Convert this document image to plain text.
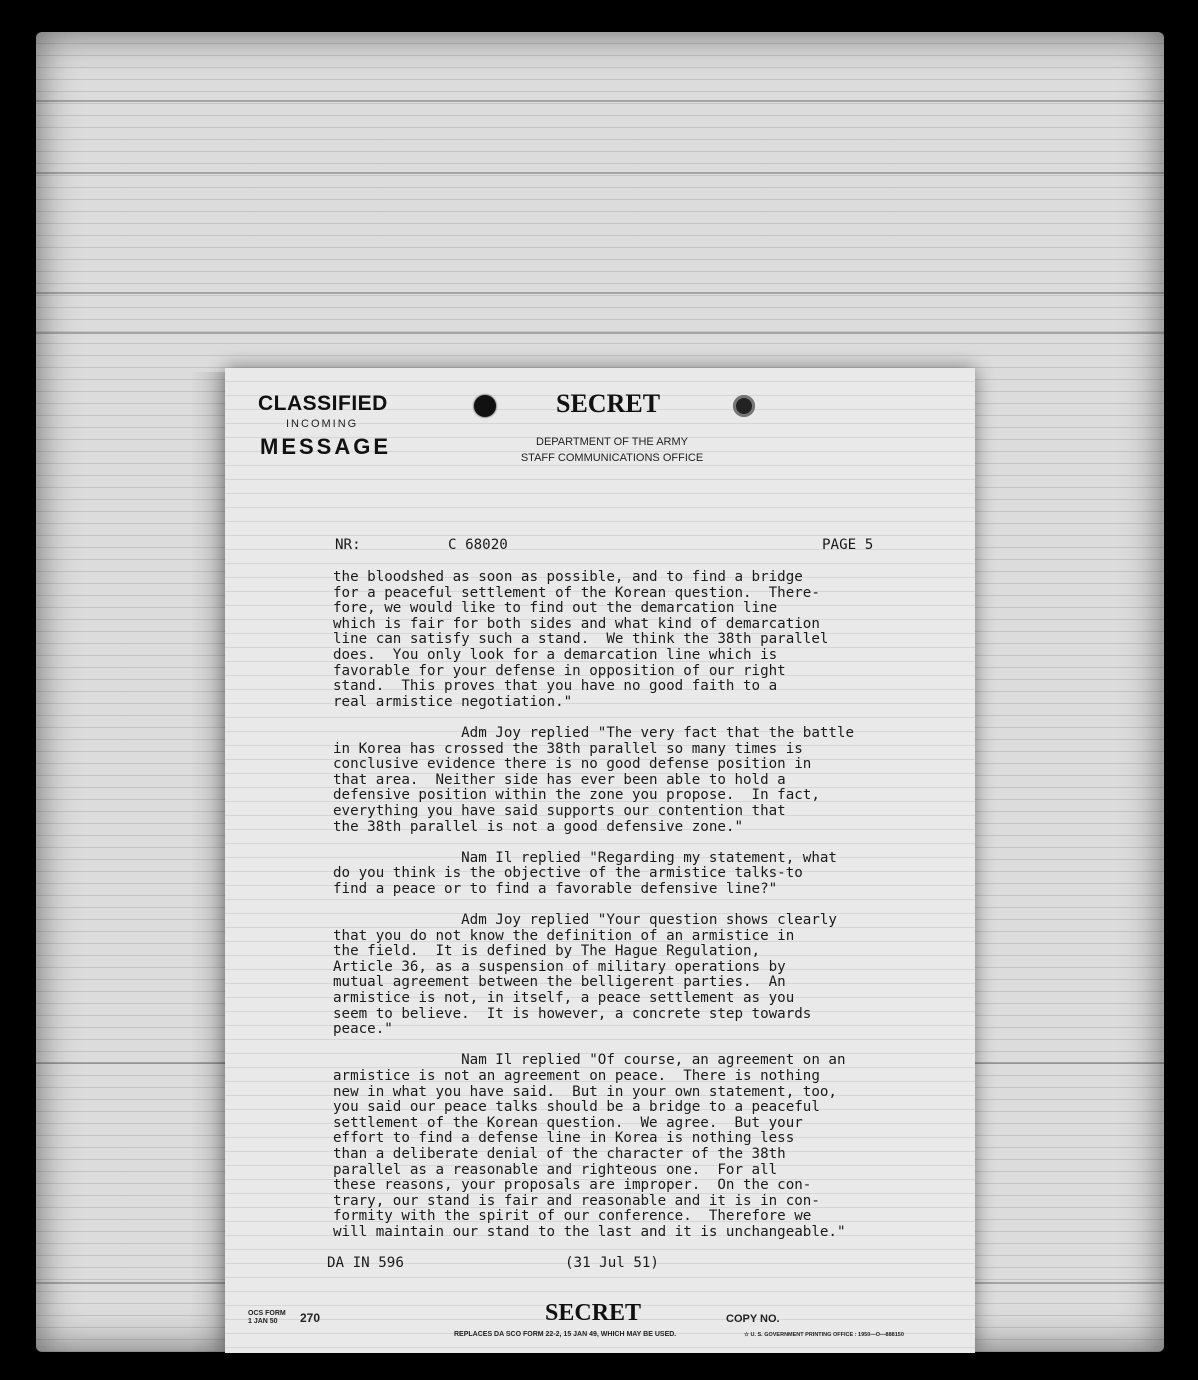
CLASSIFIED
INCOMING
MESSAGE
SECRET
DEPARTMENT OF THE ARMY
STAFF COMMUNICATIONS OFFICE
NR:	C 68020	PAGE 5
the bloodshed as soon as possible, and to find a bridge
for a peaceful settlement of the Korean question.  There-
fore, we would like to find out the demarcation line
which is fair for both sides and what kind of demarcation
line can satisfy such a stand.  We think the 38th parallel
does.  You only look for a demarcation line which is
favorable for your defense in opposition of our right
stand.  This proves that you have no good faith to a
real armistice negotiation."

Adm Joy replied "The very fact that the battle
in Korea has crossed the 38th parallel so many times is
conclusive evidence there is no good defense position in
that area.  Neither side has ever been able to hold a
defensive position within the zone you propose.  In fact,
everything you have said supports our contention that
the 38th parallel is not a good defensive zone."

Nam Il replied "Regarding my statement, what
do you think is the objective of the armistice talks-to
find a peace or to find a favorable defensive line?"

Adm Joy replied "Your question shows clearly
that you do not know the definition of an armistice in
the field.  It is defined by The Hague Regulation,
Article 36, as a suspension of military operations by
mutual agreement between the belligerent parties.  An
armistice is not, in itself, a peace settlement as you
seem to believe.  It is however, a concrete step towards
peace."

Nam Il replied "Of course, an agreement on an
armistice is not an agreement on peace.  There is nothing
new in what you have said.  But in your own statement, too,
you said our peace talks should be a bridge to a peaceful
settlement of the Korean question.  We agree.  But your
effort to find a defense line in Korea is nothing less
than a deliberate denial of the character of the 38th
parallel as a reasonable and righteous one.  For all
these reasons, your proposals are improper.  On the con-
trary, our stand is fair and reasonable and it is in con-
formity with the spirit of our conference.  Therefore we
will maintain our stand to the last and it is unchangeable."
DA IN 596	(31 Jul 51)
OCS FORM
1 JAN 50	270	SECRET	COPY NO.
REPLACES DA SCO FORM 22-2, 15 JAN 49, WHICH MAY BE USED.	☆ U. S. GOVERNMENT PRINTING OFFICE : 1950—O—888150
